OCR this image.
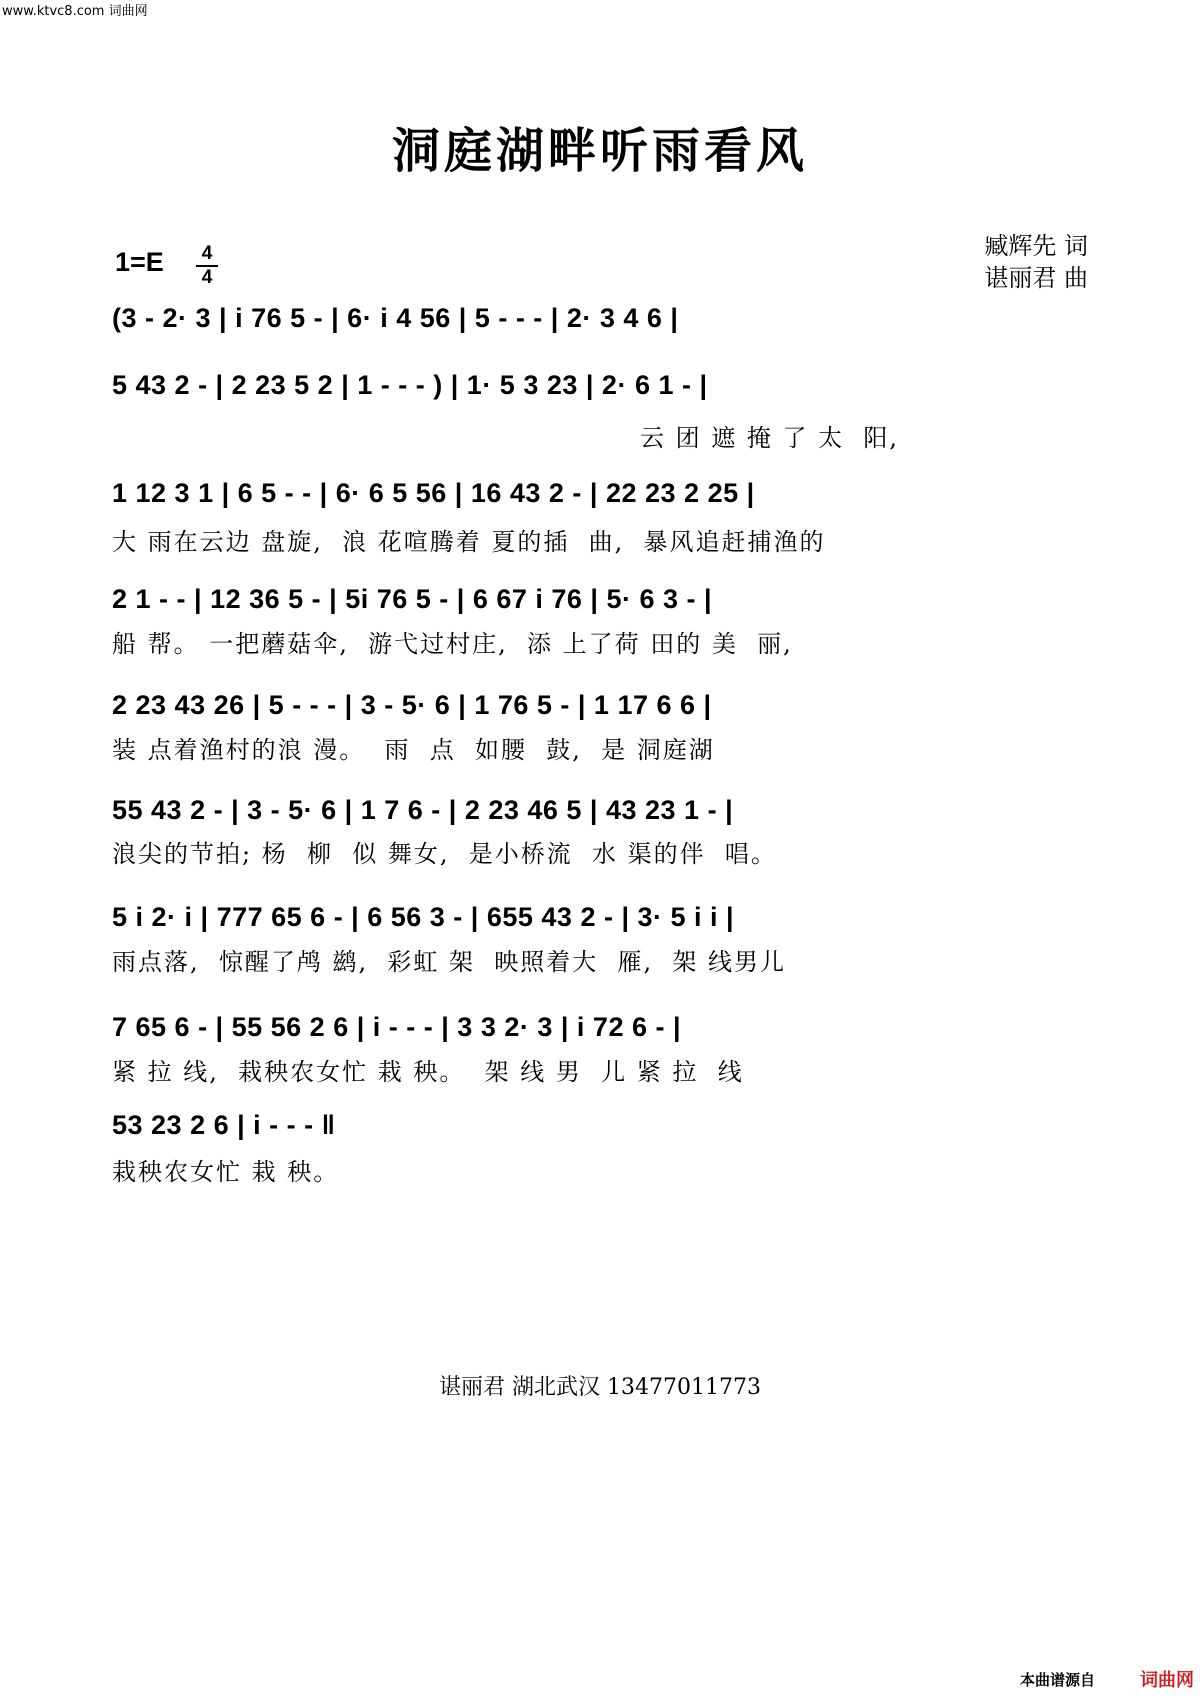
www.ktvc8.com 词曲网
洞庭湖畔听雨看风
1=E	4
4
臧辉先 词
谌丽君 曲
(3 - 2· 3 | i 76 5 - | 6· i 4 56 | 5 - - - | 2· 3 4 6 |
5 43 2 - | 2 23 5 2 | 1 - - - ) | 1· 5 3 23 | 2· 6 1 - |
云 团 遮 掩 了 太  阳,
1 12 3 1 | 6 5 - - | 6· 6 5 56 | 16 43 2 - | 22 23 2 25 |
大 雨在云边 盘旋,  浪 花喧腾着 夏的插  曲,  暴风追赶捕渔的
2 1 - - | 12 36 5 - | 5i 76 5 - | 6 67 i 76 | 5· 6 3 - |
船 帮。 一把蘑菇伞,  游弋过村庄,  添 上了荷 田的 美  丽,
2 23 43 26 | 5 - - - | 3 - 5· 6 | 1 76 5 - | 1 17 6 6 |
装 点着渔村的浪 漫。  雨  点  如腰  鼓,  是 洞庭湖
55 43 2 - | 3 - 5· 6 | 1 7 6 - | 2 23 46 5 | 43 23 1 - |
浪尖的节拍; 杨  柳  似 舞女,  是小桥流  水 渠的伴  唱。
5 i 2· i | 777 65 6 - | 6 56 3 - | 655 43 2 - | 3· 5 i i |
雨点落,  惊醒了鸬 鹚,  彩虹 架  映照着大  雁,  架 线男儿
7 65 6 - | 55 56 2 6 | i - - - | 3 3 2· 3 | i 72 6 - |
紧 拉 线,  栽秧农女忙 栽 秧。  架 线 男  儿 紧 拉  线
53 23 2 6 | i - - - ‖
栽秧农女忙 栽 秧。
谌丽君 湖北武汉 13477011773
本曲谱源自	词曲网
